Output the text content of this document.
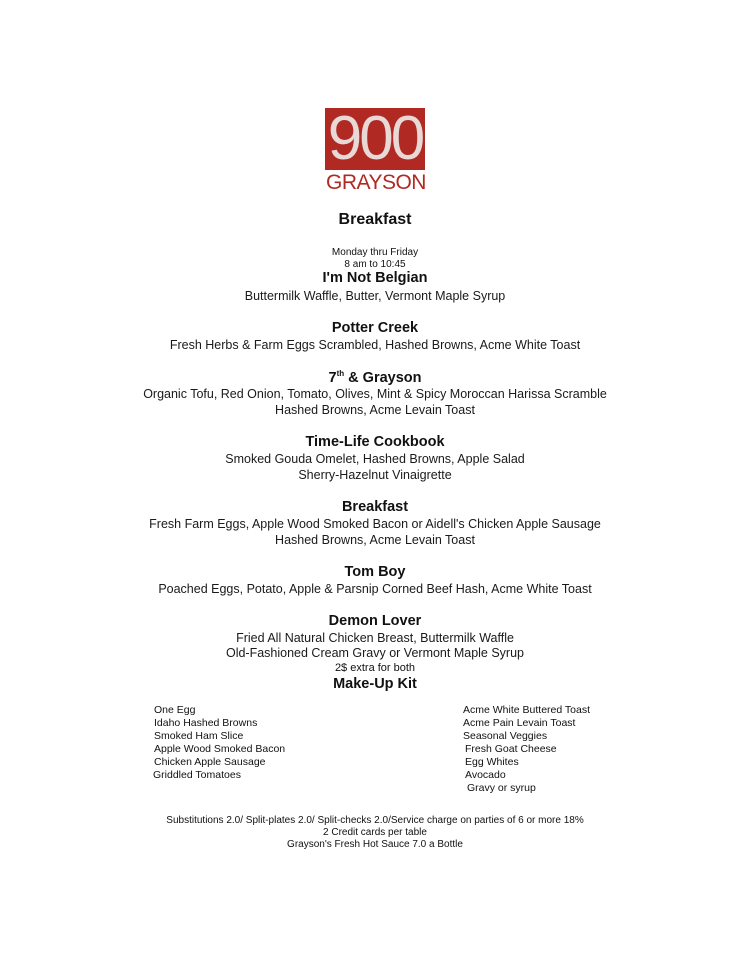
900
GRAYSON
Breakfast
Monday thru Friday
8 am to 10:45
I'm Not Belgian
Buttermilk Waffle, Butter, Vermont Maple Syrup
Potter Creek
Fresh Herbs & Farm Eggs Scrambled, Hashed Browns, Acme White Toast
7th & Grayson
Organic Tofu, Red Onion, Tomato, Olives, Mint & Spicy Moroccan Harissa Scramble
Hashed Browns, Acme Levain Toast
Time-Life Cookbook
Smoked Gouda Omelet, Hashed Browns, Apple Salad
Sherry-Hazelnut Vinaigrette
Breakfast
Fresh Farm Eggs, Apple Wood Smoked Bacon or Aidell's Chicken Apple Sausage
Hashed Browns, Acme Levain Toast
Tom Boy
Poached Eggs, Potato, Apple & Parsnip Corned Beef Hash, Acme White Toast
Demon Lover
Fried All Natural Chicken Breast, Buttermilk Waffle
Old-Fashioned Cream Gravy or Vermont Maple Syrup
2$ extra for both
Make-Up Kit
One Egg
Idaho Hashed Browns
Smoked Ham Slice
Apple Wood Smoked Bacon
Chicken Apple Sausage
Griddled Tomatoes
Acme White Buttered Toast
Acme Pain Levain Toast
Seasonal Veggies
Fresh Goat Cheese
Egg Whites
Avocado
Gravy or syrup
Substitutions 2.0/ Split-plates 2.0/ Split-checks 2.0/Service charge on parties of 6 or more 18%
2 Credit cards per table
Grayson's Fresh Hot Sauce 7.0 a Bottle
